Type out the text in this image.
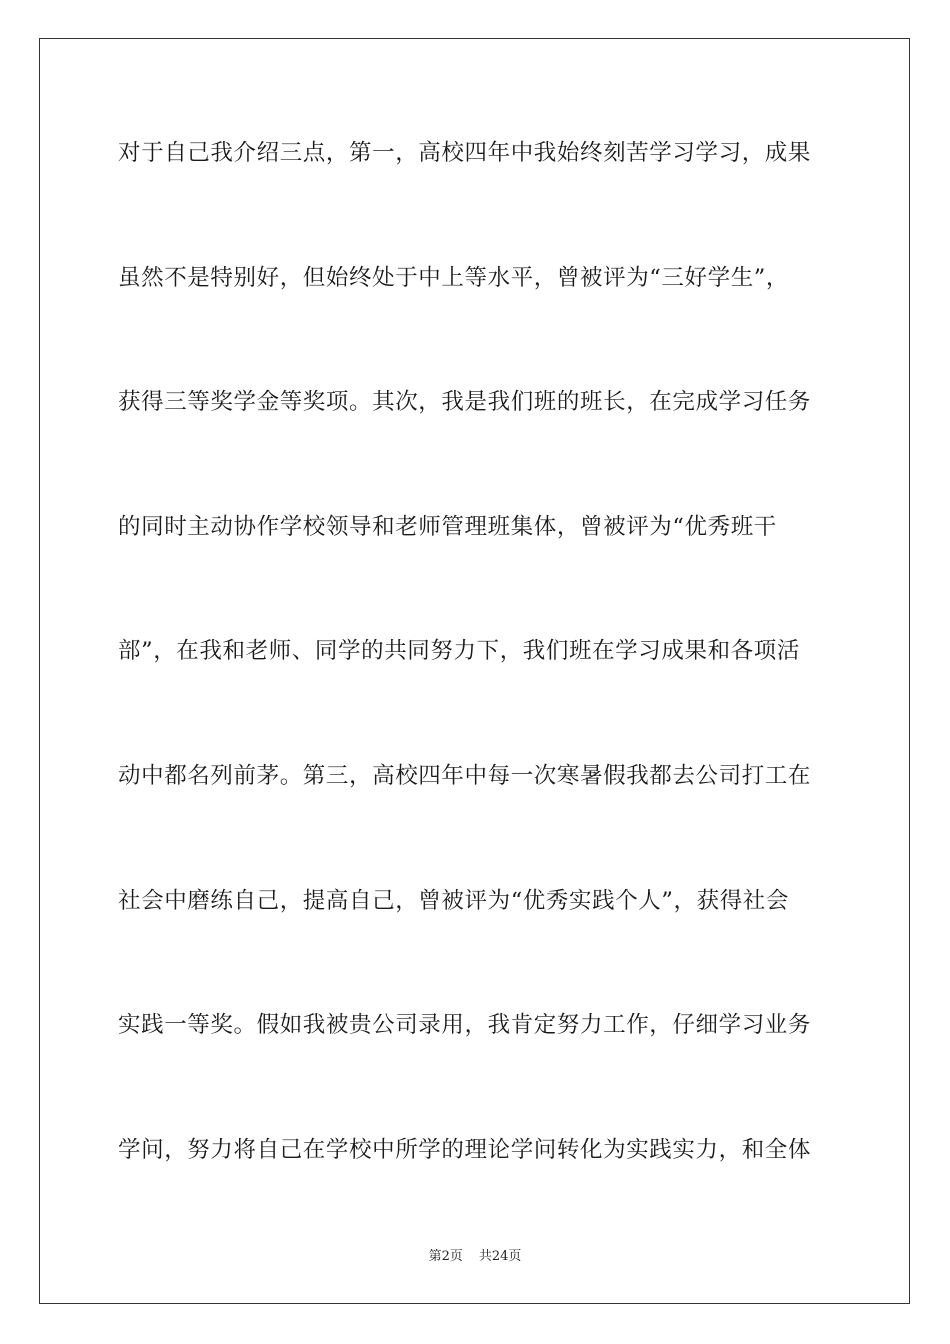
对于自己我介绍三点，第一，高校四年中我始终刻苦学习学习，成果
虽然不是特别好，但始终处于中上等水平，曾被评为“三好学生”，
获得三等奖学金等奖项。其次，我是我们班的班长，在完成学习任务
的同时主动协作学校领导和老师管理班集体，曾被评为“优秀班干
部”，在我和老师、同学的共同努力下，我们班在学习成果和各项活
动中都名列前茅。第三，高校四年中每一次寒暑假我都去公司打工在
社会中磨练自己，提高自己，曾被评为“优秀实践个人”，获得社会
实践一等奖。假如我被贵公司录用，我肯定努力工作，仔细学习业务
学问，努力将自己在学校中所学的理论学问转化为实践实力，和全体
第2页 共24页
